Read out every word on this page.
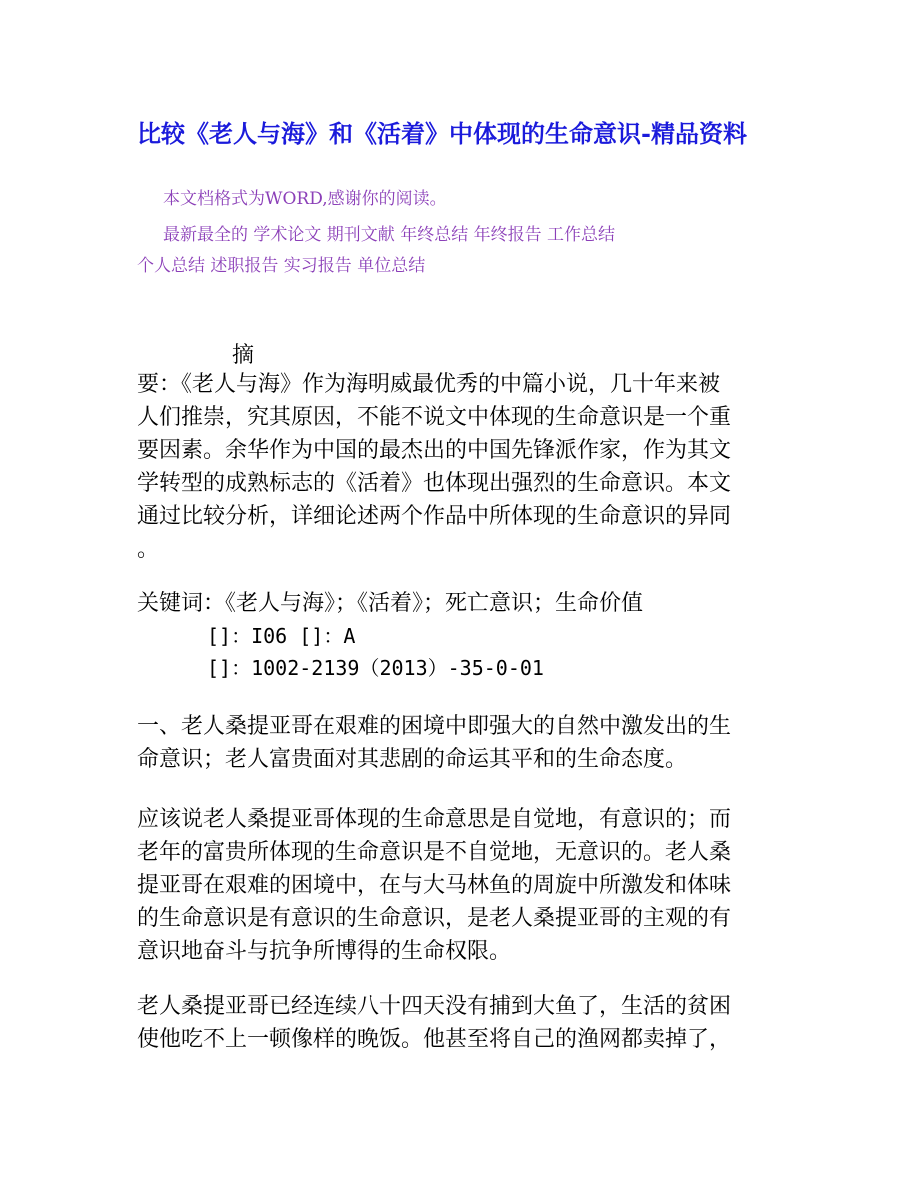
比较《老人与海》和《活着》中体现的生命意识-精品资料
本文档格式为WORD,感谢你的阅读。
最新最全的 学术论文 期刊文献 年终总结 年终报告 工作总结
个人总结 述职报告 实习报告 单位总结
摘
要：《老人与海》作为海明威最优秀的中篇小说，几十年来被
人们推崇，究其原因，不能不说文中体现的生命意识是一个重
要因素。余华作为中国的最杰出的中国先锋派作家，作为其文
学转型的成熟标志的《活着》也体现出强烈的生命意识。本文
通过比较分析，详细论述两个作品中所体现的生命意识的异同
。
关键词：《老人与海》；《活着》；死亡意识；生命价值
[]：I06 []：A
[]：1002-2139（2013）-35-0-01
一、老人桑提亚哥在艰难的困境中即强大的自然中激发出的生
命意识；老人富贵面对其悲剧的命运其平和的生命态度。
应该说老人桑提亚哥体现的生命意思是自觉地，有意识的；而
老年的富贵所体现的生命意识是不自觉地，无意识的。老人桑
提亚哥在艰难的困境中，在与大马林鱼的周旋中所激发和体味
的生命意识是有意识的生命意识，是老人桑提亚哥的主观的有
意识地奋斗与抗争所博得的生命权限。
老人桑提亚哥已经连续八十四天没有捕到大鱼了，生活的贫困
使他吃不上一顿像样的晚饭。他甚至将自己的渔网都卖掉了，
